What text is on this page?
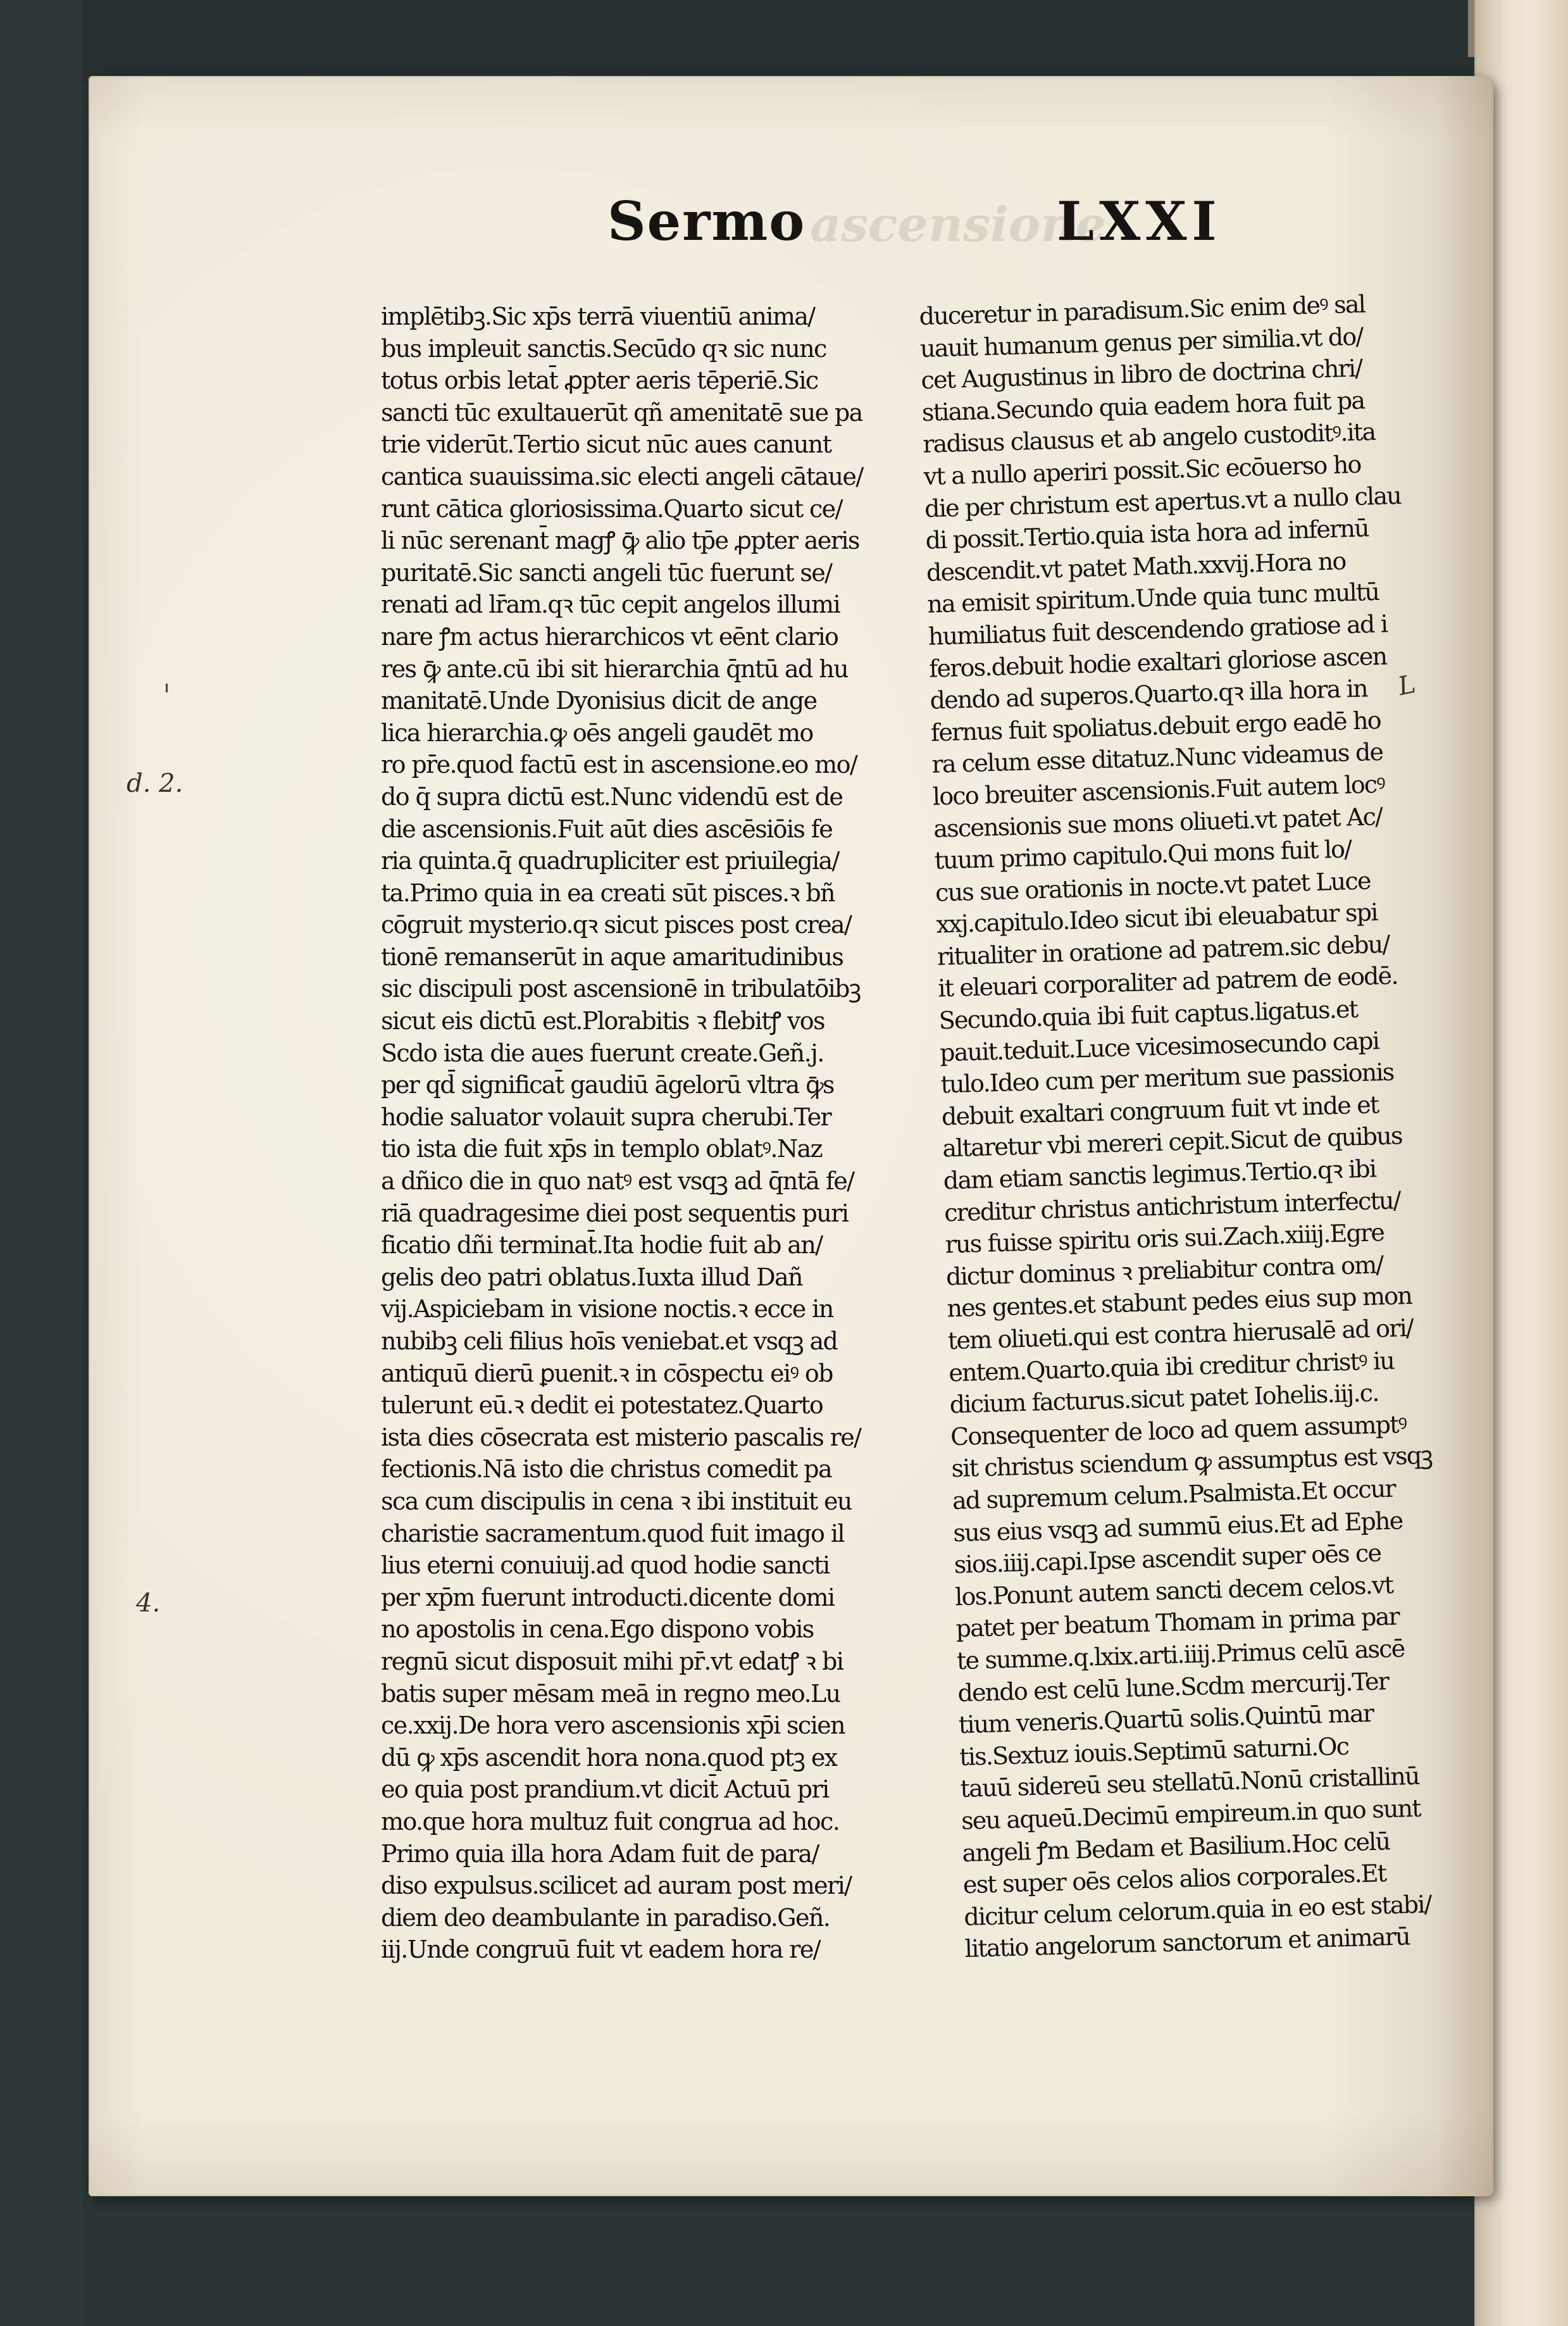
Sermo ascensione
LXXI
d. 2.
4.
L
implētibꝫ.Sic xp̄s terrā viuentiū anima/
bus impleuit sanctis.Secūdo qꝛ sic nunc
totus orbis letat̄ ꝓpter aeris tēperiē.Sic
sancti tūc exultauerūt qñ amenitatē sue pa
trie viderūt.Tertio sicut nūc aues canunt
cantica suauissima.sic electi angeli cātaue/
runt cātica gloriosissima.Quarto sicut ce/
li nūc serenant̄ magꝭ ꝙ̄ alio tp̄e ꝓpter aeris
puritatē.Sic sancti angeli tūc fuerunt se/
renati ad lr̄am.qꝛ tūc cepit angelos illumi
nare ꝭm actus hierarchicos vt eēnt clario
res ꝙ̄ ante.cū ibi sit hierarchia q̄ntū ad hu
manitatē.Unde Dyonisius dicit de ange
lica hierarchia.ꝙ oēs angeli gaudēt mo
ro pr̄e.quod factū est in ascensione.eo mo/
do q̄ supra dictū est.Nunc videndū est de
die ascensionis.Fuit aūt dies ascēsiōis fe
ria quinta.q̄ quadrupliciter est priuilegia/
ta.Primo quia in ea creati sūt pisces.ꝛ bñ
cōgruit mysterio.qꝛ sicut pisces post crea/
tionē remanserūt in aque amaritudinibus
sic discipuli post ascensionē in tribulatōibꝫ
sicut eis dictū est.Plorabitis ꝛ flebitꝭ vos
Scdo ista die aues fuerunt create.Geñ.j.
per qd̄ significat̄ gaudiū āgelorū vltra ꝙ̄s
hodie saluator volauit supra cherubi.Ter
tio ista die fuit xp̄s in templo oblatꝰ.Naz
a dñico die in quo natꝰ est vsqꝫ ad q̄ntā fe/
riā quadragesime diei post sequentis puri
ficatio dñi terminat̄.Ita hodie fuit ab an/
gelis deo patri oblatus.Iuxta illud Dañ
vij.Aspiciebam in visione noctis.ꝛ ecce in
nubibꝫ celi filius hoīs veniebat.et vsqꝫ ad
antiquū dierū ꝑuenit.ꝛ in cōspectu eiꝰ ob
tulerunt eū.ꝛ dedit ei potestatez.Quarto
ista dies cōsecrata est misterio pascalis re/
fectionis.Nā isto die christus comedit pa
sca cum discipulis in cena ꝛ ibi instituit eu
charistie sacramentum.quod fuit imago il
lius eterni conuiuij.ad quod hodie sancti
per xp̄m fuerunt introducti.dicente domi
no apostolis in cena.Ego dispono vobis
regnū sicut disposuit mihi pr̄.vt edatꝭ ꝛ bi
batis super mēsam meā in regno meo.Lu
ce.xxij.De hora vero ascensionis xp̄i scien
dū ꝙ xp̄s ascendit hora nona.quod ptꝫ ex
eo quia post prandium.vt dicit̄ Actuū pri
mo.que hora multuz fuit congrua ad hoc.
Primo quia illa hora Adam fuit de para/
diso expulsus.scilicet ad auram post meri/
diem deo deambulante in paradiso.Geñ.
iij.Unde congruū fuit vt eadem hora re/
duceretur in paradisum.Sic enim deꝰ sal
uauit humanum genus per similia.vt do/
cet Augustinus in libro de doctrina chri/
stiana.Secundo quia eadem hora fuit pa
radisus clausus et ab angelo custoditꝰ.ita
vt a nullo aperiri possit.Sic ecōuerso ho
die per christum est apertus.vt a nullo clau
di possit.Tertio.quia ista hora ad infernū
descendit.vt patet Math.xxvij.Hora no
na emisit spiritum.Unde quia tunc multū
humiliatus fuit descendendo gratiose ad i
feros.debuit hodie exaltari gloriose ascen
dendo ad superos.Quarto.qꝛ illa hora in
fernus fuit spoliatus.debuit ergo eadē ho
ra celum esse ditatuz.Nunc videamus de
loco breuiter ascensionis.Fuit autem locꝰ
ascensionis sue mons oliueti.vt patet Ac/
tuum primo capitulo.Qui mons fuit lo/
cus sue orationis in nocte.vt patet Luce
xxj.capitulo.Ideo sicut ibi eleuabatur spi
ritualiter in oratione ad patrem.sic debu/
it eleuari corporaliter ad patrem de eodē.
Secundo.quia ibi fuit captus.ligatus.et
pauit.teduit.Luce vicesimosecundo capi
tulo.Ideo cum per meritum sue passionis
debuit exaltari congruum fuit vt inde et
altaretur vbi mereri cepit.Sicut de quibus
dam etiam sanctis legimus.Tertio.qꝛ ibi
creditur christus antichristum interfectu/
rus fuisse spiritu oris sui.Zach.xiiij.Egre
dictur dominus ꝛ preliabitur contra om/
nes gentes.et stabunt pedes eius sup mon
tem oliueti.qui est contra hierusalē ad ori/
entem.Quarto.quia ibi creditur christꝰ iu
dicium facturus.sicut patet Iohelis.iij.c.
Consequenter de loco ad quem assumptꝰ
sit christus sciendum ꝙ assumptus est vsqꝫ
ad supremum celum.Psalmista.Et occur
sus eius vsqꝫ ad summū eius.Et ad Ephe
sios.iiij.capi.Ipse ascendit super oēs ce
los.Ponunt autem sancti decem celos.vt
patet per beatum Thomam in prima par
te summe.q.lxix.arti.iiij.Primus celū ascē
dendo est celū lune.Scdm mercurij.Ter
tium veneris.Quartū solis.Quintū mar
tis.Sextuz iouis.Septimū saturni.Oc
tauū sidereū seu stellatū.Nonū cristallinū
seu aqueū.Decimū empireum.in quo sunt
angeli ꝭm Bedam et Basilium.Hoc celū
est super oēs celos alios corporales.Et
dicitur celum celorum.quia in eo est stabi/
litatio angelorum sanctorum et animarū
